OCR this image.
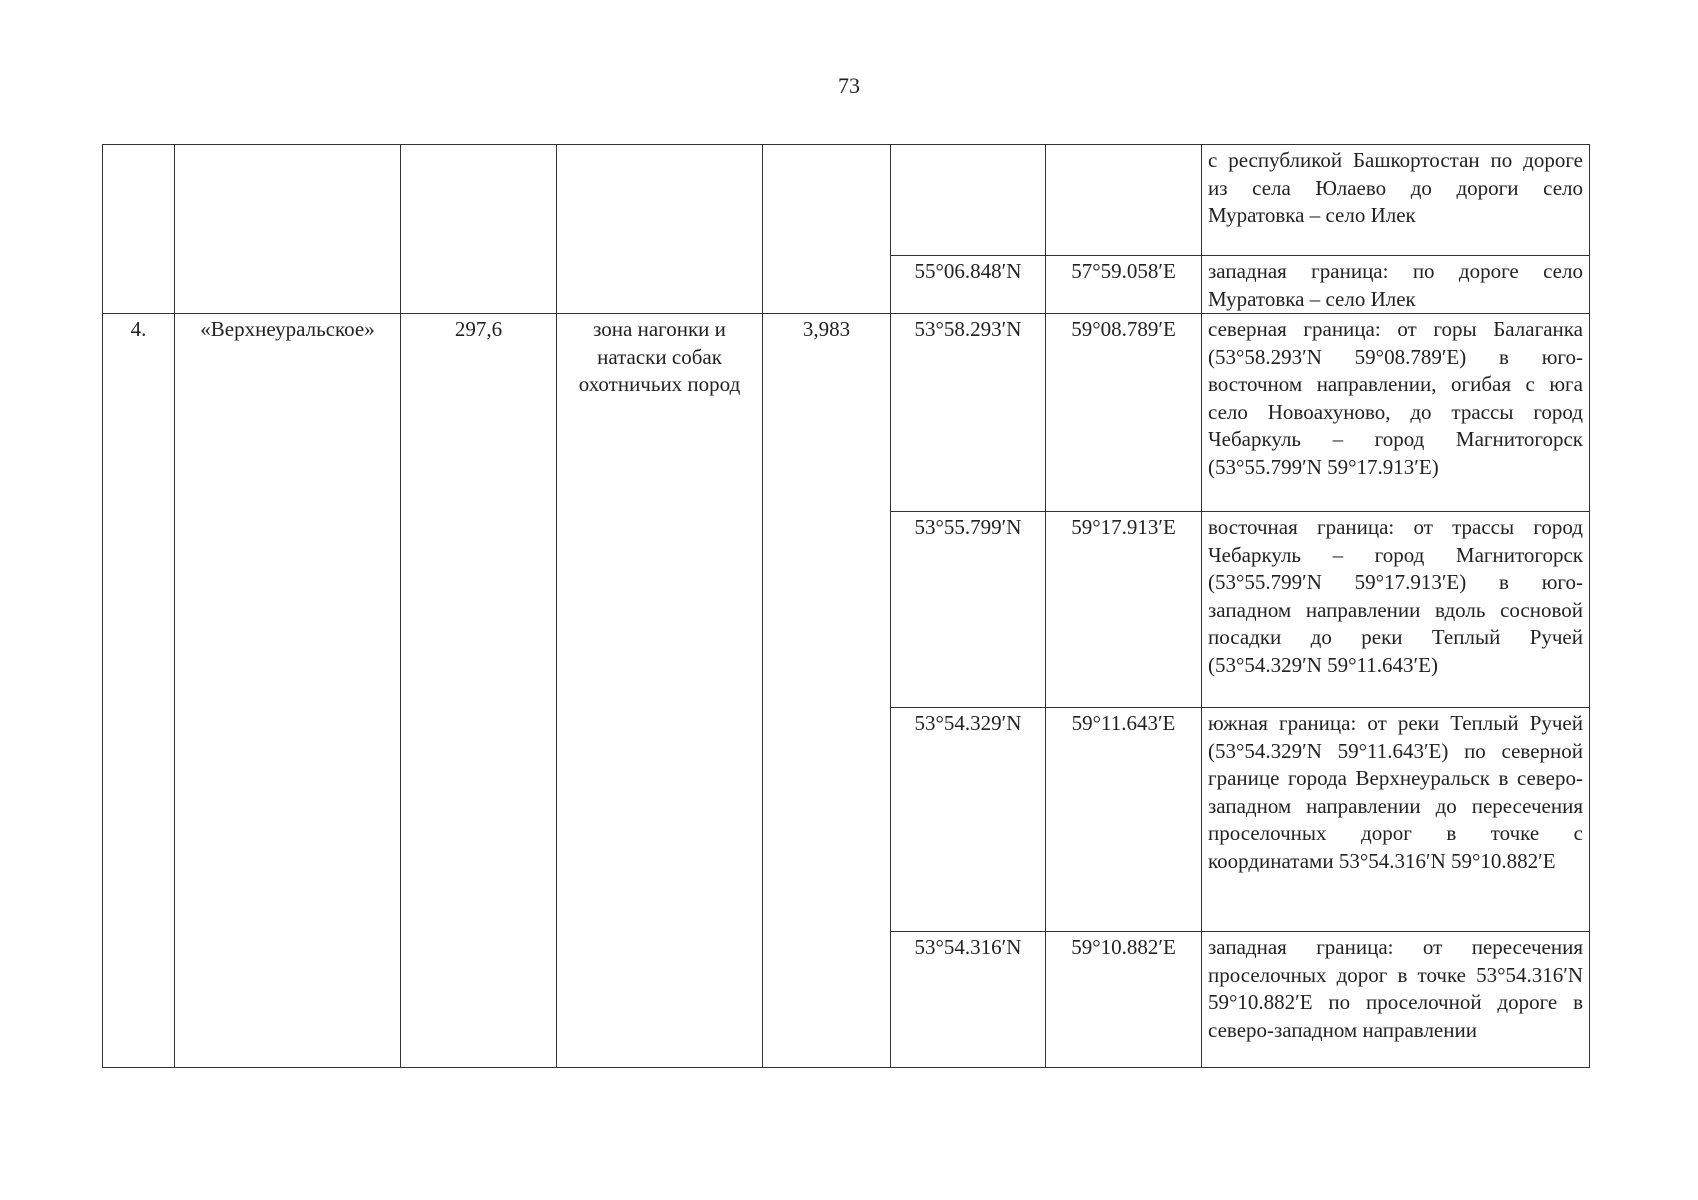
73
							с республикой Башкортостан по дороге из села Юлаево до дороги село Муратовка – село Илек
					55°06.848′N	57°59.058′E	западная граница: по дороге село Муратовка – село Илек
4.	«Верхнеуральское»	297,6	зона нагонки и натаски собак охотничьих пород	3,983	53°58.293′N	59°08.789′E	северная граница: от горы Балаганка (53°58.293′N 59°08.789′E) в юго-восточном направлении, огибая с юга село Новоахуново, до трассы город Чебаркуль – город Магнитогорск (53°55.799′N 59°17.913′E)
					53°55.799′N	59°17.913′E	восточная граница: от трассы город Чебаркуль – город Магнитогорск (53°55.799′N 59°17.913′E) в юго-западном направлении вдоль сосновой посадки до реки Теплый Ручей (53°54.329′N 59°11.643′E)
					53°54.329′N	59°11.643′E	южная граница: от реки Теплый Ручей (53°54.329′N 59°11.643′E) по северной границе города Верхнеуральск в северо-западном направлении до пересечения проселочных дорог в точке с координатами 53°54.316′N 59°10.882′E
					53°54.316′N	59°10.882′E	западная граница: от пересечения проселочных дорог в точке 53°54.316′N 59°10.882′E по проселочной дороге в северо-западном направлении
